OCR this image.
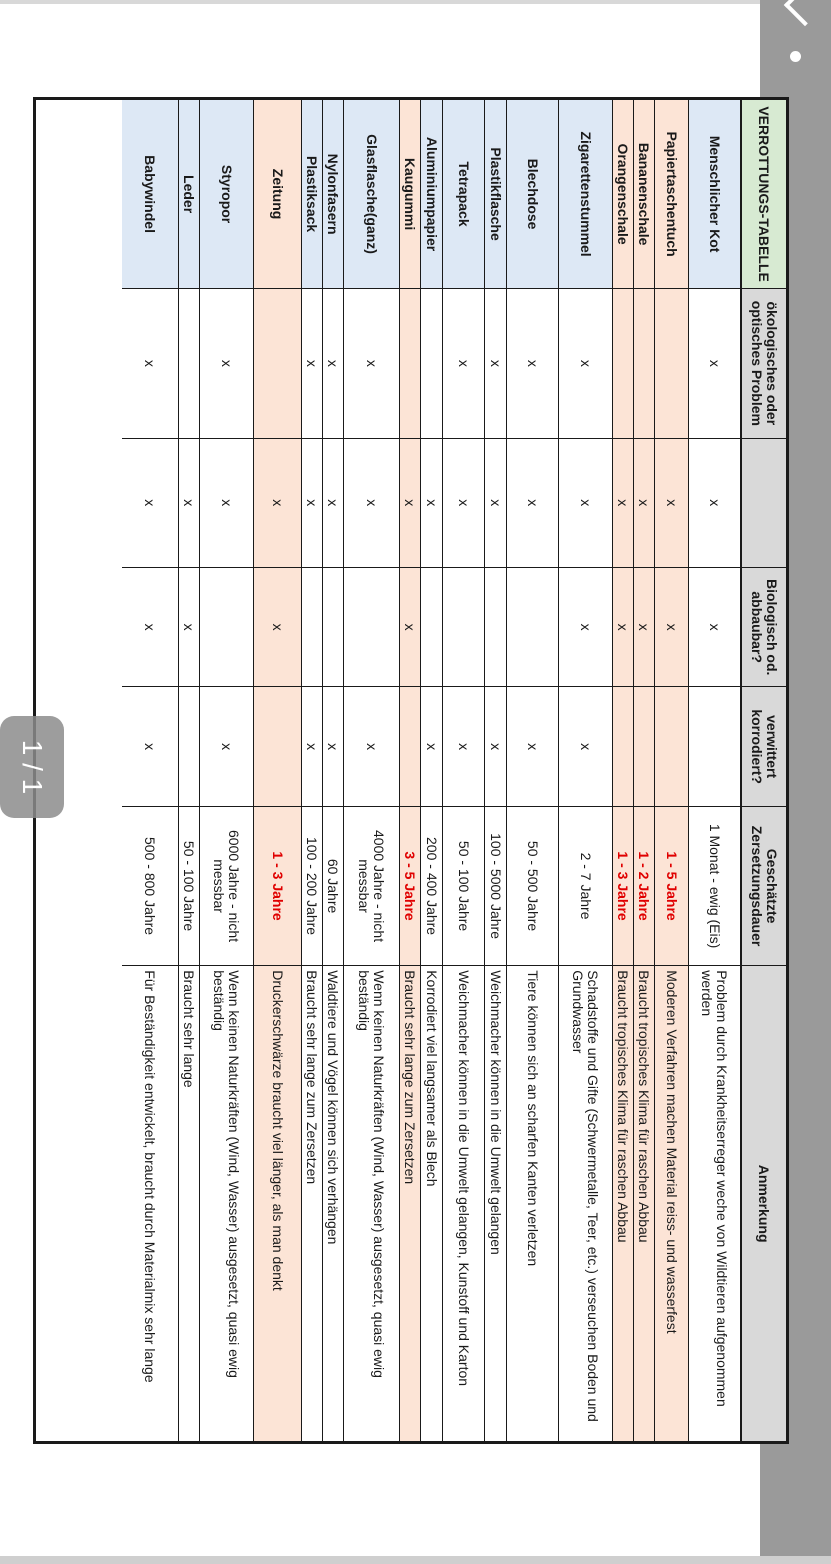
VERROTTUNGS-TABELLE
ökologisches oder optisches Problem
Biologisch od. abbaubar?
verwittert korrodiert?
Geschätzte Zersetzungsdauer
Anmerkung
Menschlicher Kot
x
x
x
1 Monat - ewig (Eis)
Problem durch Krankheitserreger weche von Wildtieren aufgenommen werden
Papiertaschentuch
x
x
1 - 5 Jahre
Moderen Verfahren machen Material reiss- und wasserfest
Bananenschale
x
x
1 - 2 Jahre
Braucht tropisches Klima für raschen Abbau
Orangenschale
x
x
1 - 3 Jahre
Braucht tropisches Klima für raschen Abbau
Zigarettenstummel
x
x
x
x
2 - 7 Jahre
Schadstoffe und Gifte (Schwermetalle, Teer, etc.) verseuchen Boden und Grundwasser
Blechdose
x
x
x
50 - 500 Jahre
Tiere können sich an scharfen Kanten verletzen
Plastikflasche
x
x
x
100 - 5000 Jahre
Weichmacher können in die Umwelt gelangen
Tetrapack
x
x
x
50 - 100 Jahre
Weichmacher können in die Umwelt gelangen, Kunstoff und Karton
Aluminiumpapier
x
x
200 - 400 Jahre
Korrodiert viel langsamer als Blech
Kaugummi
x
x
3 - 5 Jahre
Braucht sehr lange zum Zersetzen
Glasflasche(ganz)
x
x
x
4000 Jahre - nicht messbar
Wenn keinen Naturkräften (Wind, Wasser) ausgesetzt, quasi ewig beständig
Nylonfasern
x
x
x
60 Jahre
Waldtiere und Vögel können sich verhängen
Plastiksack
x
x
x
100 - 200 Jahre
Braucht sehr lange zum Zersetzen
Zeitung
x
x
1 - 3 Jahre
Druckerschwärze braucht viel länger, als man denkt
Styropor
x
x
x
6000 Jahre - nicht messbar
Wenn keinen Naturkräften (Wind, Wasser) ausgesetzt, quasi ewig beständig
Leder
x
x
50 - 100 Jahre
Braucht sehr lange
Babywindel
x
x
x
x
500 - 800 Jahre
Für Beständigkeit entwickelt, braucht durch Materialmix sehr lange
1 / 1
